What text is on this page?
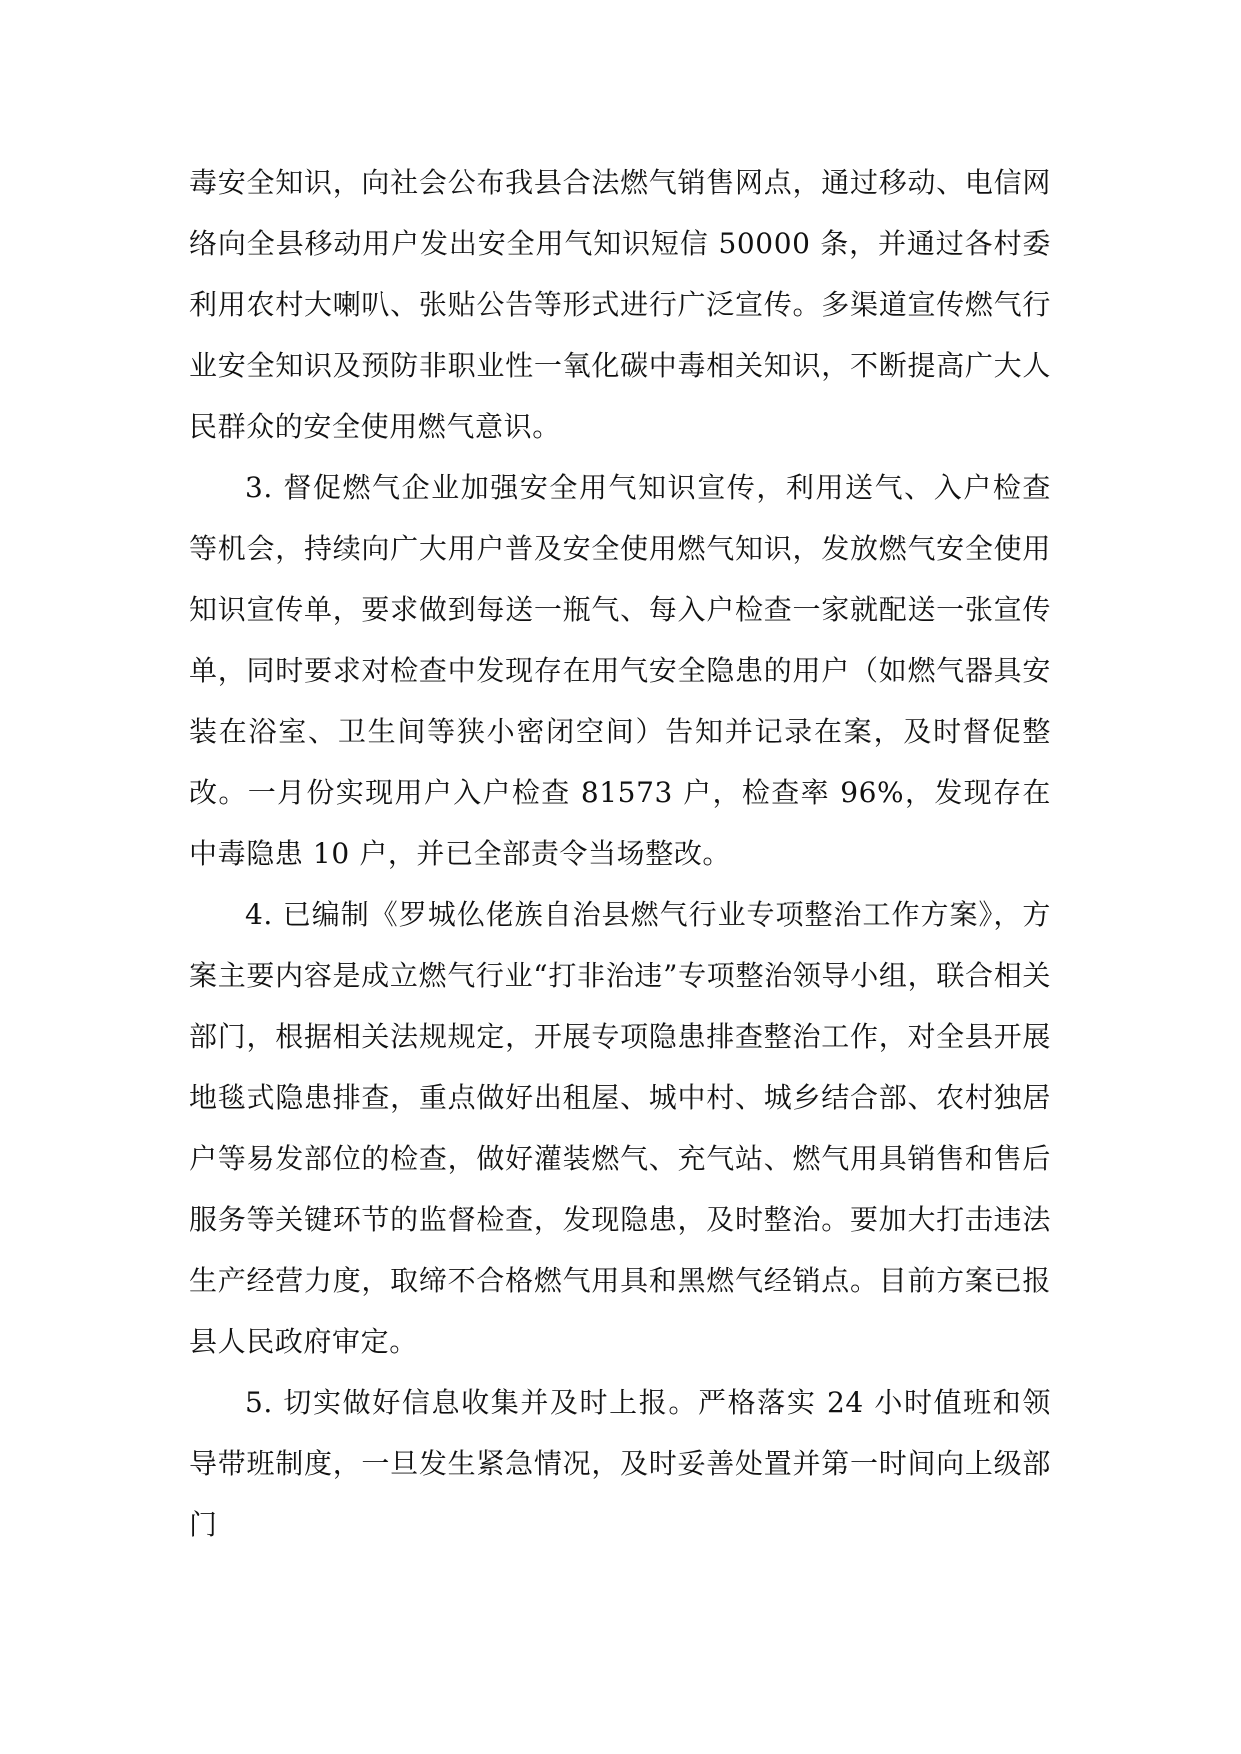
毒安全知识，向社会公布我县合法燃气销售网点，通过移动、电信网络向全县移动用户发出安全用气知识短信 50000 条，并通过各村委利用农村大喇叭、张贴公告等形式进行广泛宣传。多渠道宣传燃气行业安全知识及预防非职业性一氧化碳中毒相关知识，不断提高广大人民群众的安全使用燃气意识。

3. 督促燃气企业加强安全用气知识宣传，利用送气、入户检查等机会，持续向广大用户普及安全使用燃气知识，发放燃气安全使用知识宣传单，要求做到每送一瓶气、每入户检查一家就配送一张宣传单，同时要求对检查中发现存在用气安全隐患的用户（如燃气器具安装在浴室、卫生间等狭小密闭空间）告知并记录在案，及时督促整改。一月份实现用户入户检查 81573 户，检查率 96%，发现存在中毒隐患 10 户，并已全部责令当场整改。

4. 已编制《罗城仫佬族自治县燃气行业专项整治工作方案》，方案主要内容是成立燃气行业“打非治违”专项整治领导小组，联合相关部门，根据相关法规规定，开展专项隐患排查整治工作，对全县开展地毯式隐患排查，重点做好出租屋、城中村、城乡结合部、农村独居户等易发部位的检查，做好灌装燃气、充气站、燃气用具销售和售后服务等关键环节的监督检查，发现隐患，及时整治。要加大打击违法生产经营力度，取缔不合格燃气用具和黑燃气经销点。目前方案已报县人民政府审定。

5. 切实做好信息收集并及时上报。严格落实 24 小时值班和领导带班制度，一旦发生紧急情况，及时妥善处置并第一时间向上级部门
